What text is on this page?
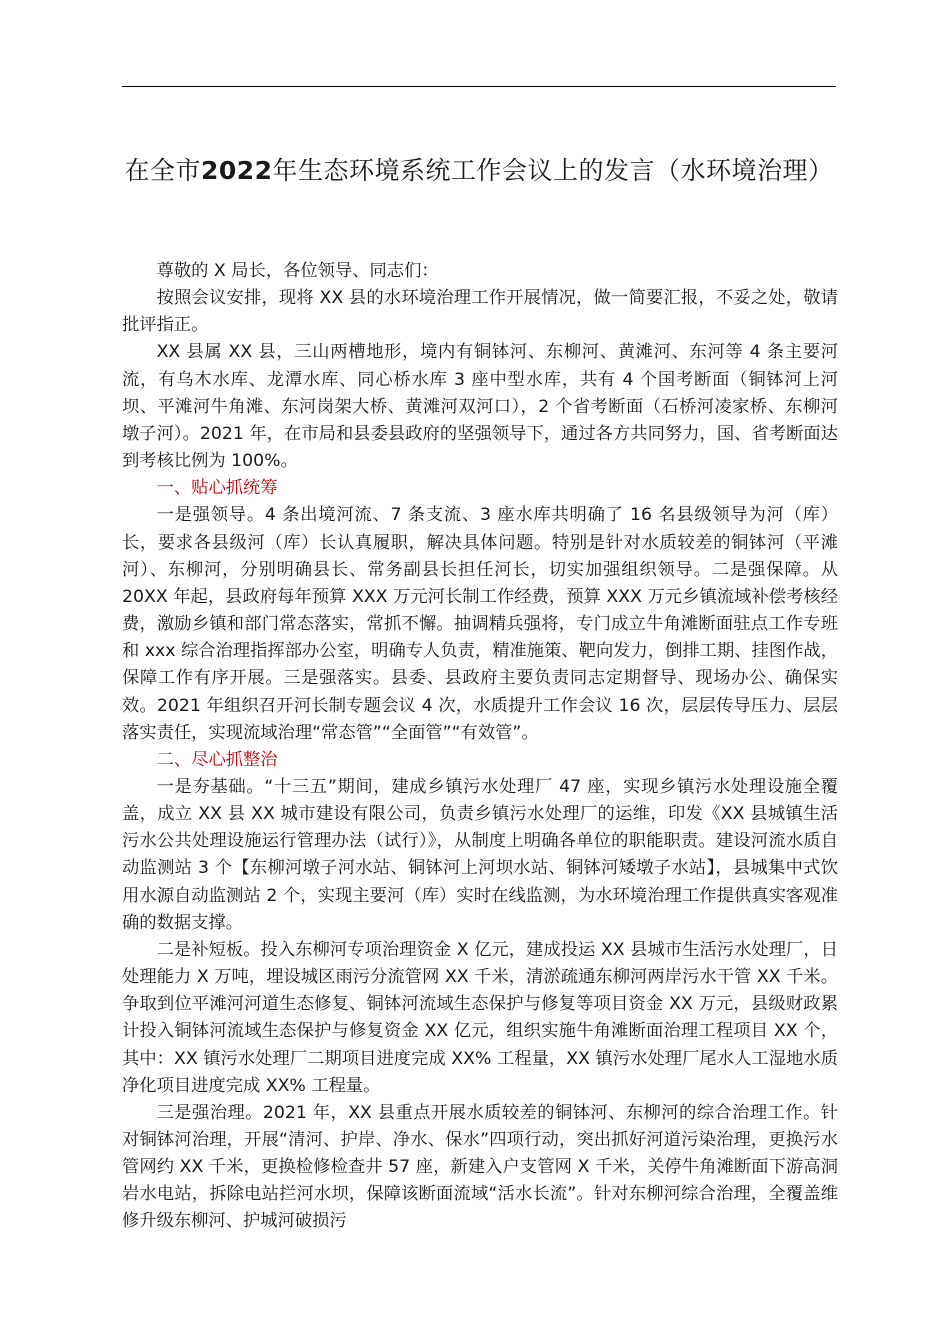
在全市2022年生态环境系统工作会议上的发言（水环境治理）

尊敬的 X 局长，各位领导、同志们：

按照会议安排，现将 XX 县的水环境治理工作开展情况，做一简要汇报，不妥之处，敬请批评指正。

XX 县属 XX 县，三山两槽地形，境内有铜钵河、东柳河、黄滩河、东河等 4 条主要河流，有乌木水库、龙潭水库、同心桥水库 3 座中型水库，共有 4 个国考断面（铜钵河上河坝、平滩河牛角滩、东河岗架大桥、黄滩河双河口），2 个省考断面（石桥河凌家桥、东柳河墩子河）。2021 年，在市局和县委县政府的坚强领导下，通过各方共同努力，国、省考断面达到考核比例为 100%。

一、贴心抓统筹

一是强领导。4 条出境河流、7 条支流、3 座水库共明确了 16 名县级领导为河（库）长，要求各县级河（库）长认真履职，解决具体问题。特别是针对水质较差的铜钵河（平滩河）、东柳河，分别明确县长、常务副县长担任河长，切实加强组织领导。二是强保障。从 20XX 年起，县政府每年预算 XXX 万元河长制工作经费，预算 XXX 万元乡镇流域补偿考核经费，激励乡镇和部门常态落实，常抓不懈。抽调精兵强将，专门成立牛角滩断面驻点工作专班和 xxx 综合治理指挥部办公室，明确专人负责，精准施策、靶向发力，倒排工期、挂图作战，保障工作有序开展。三是强落实。县委、县政府主要负责同志定期督导、现场办公、确保实效。2021 年组织召开河长制专题会议 4 次，水质提升工作会议 16 次，层层传导压力、层层落实责任，实现流域治理“常态管”“全面管”“有效管”。

二、尽心抓整治

一是夯基础。“十三五”期间，建成乡镇污水处理厂 47 座，实现乡镇污水处理设施全覆盖，成立 XX 县 XX 城市建设有限公司，负责乡镇污水处理厂的运维，印发《XX 县城镇生活污水公共处理设施运行管理办法（试行）》，从制度上明确各单位的职能职责。建设河流水质自动监测站 3 个【东柳河墩子河水站、铜钵河上河坝水站、铜钵河矮墩子水站】，县城集中式饮用水源自动监测站 2 个，实现主要河（库）实时在线监测，为水环境治理工作提供真实客观准确的数据支撑。

二是补短板。投入东柳河专项治理资金 X 亿元，建成投运 XX 县城市生活污水处理厂，日处理能力 X 万吨，埋设城区雨污分流管网 XX 千米，清淤疏通东柳河两岸污水干管 XX 千米。争取到位平滩河河道生态修复、铜钵河流域生态保护与修复等项目资金 XX 万元，县级财政累计投入铜钵河流域生态保护与修复资金 XX 亿元，组织实施牛角滩断面治理工程项目 XX 个，其中：XX 镇污水处理厂二期项目进度完成 XX% 工程量，XX 镇污水处理厂尾水人工湿地水质净化项目进度完成 XX% 工程量。

三是强治理。2021 年，XX 县重点开展水质较差的铜钵河、东柳河的综合治理工作。针对铜钵河治理，开展“清河、护岸、净水、保水”四项行动，突出抓好河道污染治理，更换污水管网约 XX 千米，更换检修检查井 57 座，新建入户支管网 X 千米，关停牛角滩断面下游高洞岩水电站，拆除电站拦河水坝，保障该断面流域“活水长流”。针对东柳河综合治理，全覆盖维修升级东柳河、护城河破损污
